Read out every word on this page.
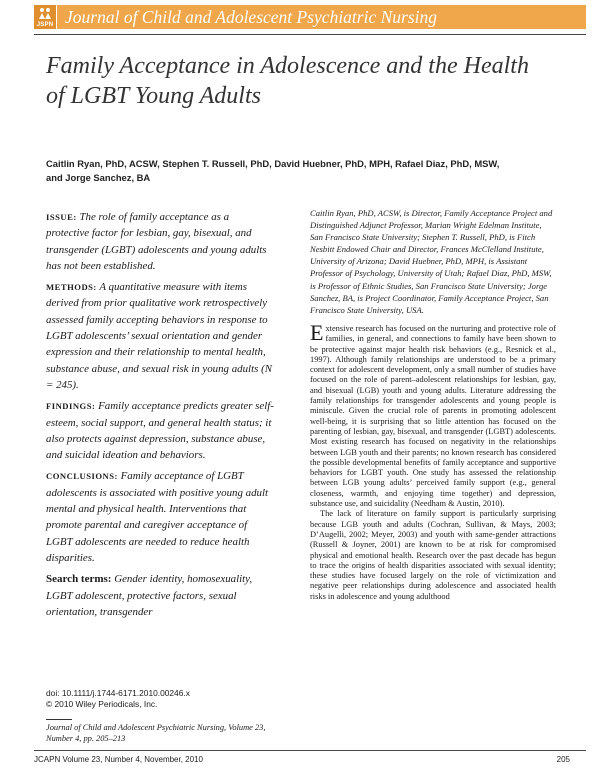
JSPN Journal of Child and Adolescent Psychiatric Nursing
Family Acceptance in Adolescence and the Health
of LGBT Young Adults
Caitlin Ryan, PhD, ACSW, Stephen T. Russell, PhD, David Huebner, PhD, MPH, Rafael Diaz, PhD, MSW,
and Jorge Sanchez, BA

ISSUE: The role of family acceptance as a protective factor for lesbian, gay, bisexual, and transgender (LGBT) adolescents and young adults has not been established.

METHODS: A quantitative measure with items derived from prior qualitative work retrospectively assessed family accepting behaviors in response to LGBT adolescents’ sexual orientation and gender expression and their relationship to mental health, substance abuse, and sexual risk in young adults (N = 245).

FINDINGS: Family acceptance predicts greater self-esteem, social support, and general health status; it also protects against depression, substance abuse, and suicidal ideation and behaviors.

CONCLUSIONS: Family acceptance of LGBT adolescents is associated with positive young adult mental and physical health. Interventions that promote parental and caregiver acceptance of LGBT adolescents are needed to reduce health disparities.

Search terms: Gender identity, homosexuality, LGBT adolescent, protective factors, sexual orientation, transgender

doi: 10.1111/j.1744-6171.2010.00246.x
© 2010 Wiley Periodicals, Inc.
Journal of Child and Adolescent Psychiatric Nursing, Volume 23, Number 4, pp. 205–213
Caitlin Ryan, PhD, ACSW, is Director, Family Acceptance Project and Distinguished Adjunct Professor, Marian Wright Edelman Institute, San Francisco State University; Stephen T. Russell, PhD, is Fitch Nesbitt Endowed Chair and Director, Frances McClelland Institute, University of Arizona; David Huebner, PhD, MPH, is Assistant Professor of Psychology, University of Utah; Rafael Diaz, PhD, MSW, is Professor of Ethnic Studies, San Francisco State University; Jorge Sanchez, BA, is Project Coordinator, Family Acceptance Project, San Francisco State University, USA.

Extensive research has focused on the nurturing and protective role of families, in general, and connections to family have been shown to be protective against major health risk behaviors (e.g., Resnick et al., 1997). Although family relationships are understood to be a primary context for adolescent development, only a small number of studies have focused on the role of parent–adolescent relationships for lesbian, gay, and bisexual (LGB) youth and young adults. Literature addressing the family relationships for transgender adolescents and young people is miniscule. Given the crucial role of parents in promoting adolescent well-being, it is surprising that so little attention has focused on the parenting of lesbian, gay, bisexual, and transgender (LGBT) adolescents. Most existing research has focused on negativity in the relationships between LGB youth and their parents; no known research has considered the possible developmental benefits of family acceptance and supportive behaviors for LGBT youth. One study has assessed the relationship between LGB young adults’ perceived family support (e.g., general closeness, warmth, and enjoying time together) and depression, substance use, and suicidality (Needham & Austin, 2010).

The lack of literature on family support is particularly surprising because LGB youth and adults (Cochran, Sullivan, & Mays, 2003; D’Augelli, 2002; Meyer, 2003) and youth with same-gender attractions (Russell & Joyner, 2001) are known to be at risk for compromised physical and emotional health. Research over the past decade has begun to trace the origins of health disparities associated with sexual identity; these studies have focused largely on the role of victimization and negative peer relationships during adolescence and associated health risks in adolescence and young adulthood

JCAPN Volume 23, Number 4, November, 2010	205
